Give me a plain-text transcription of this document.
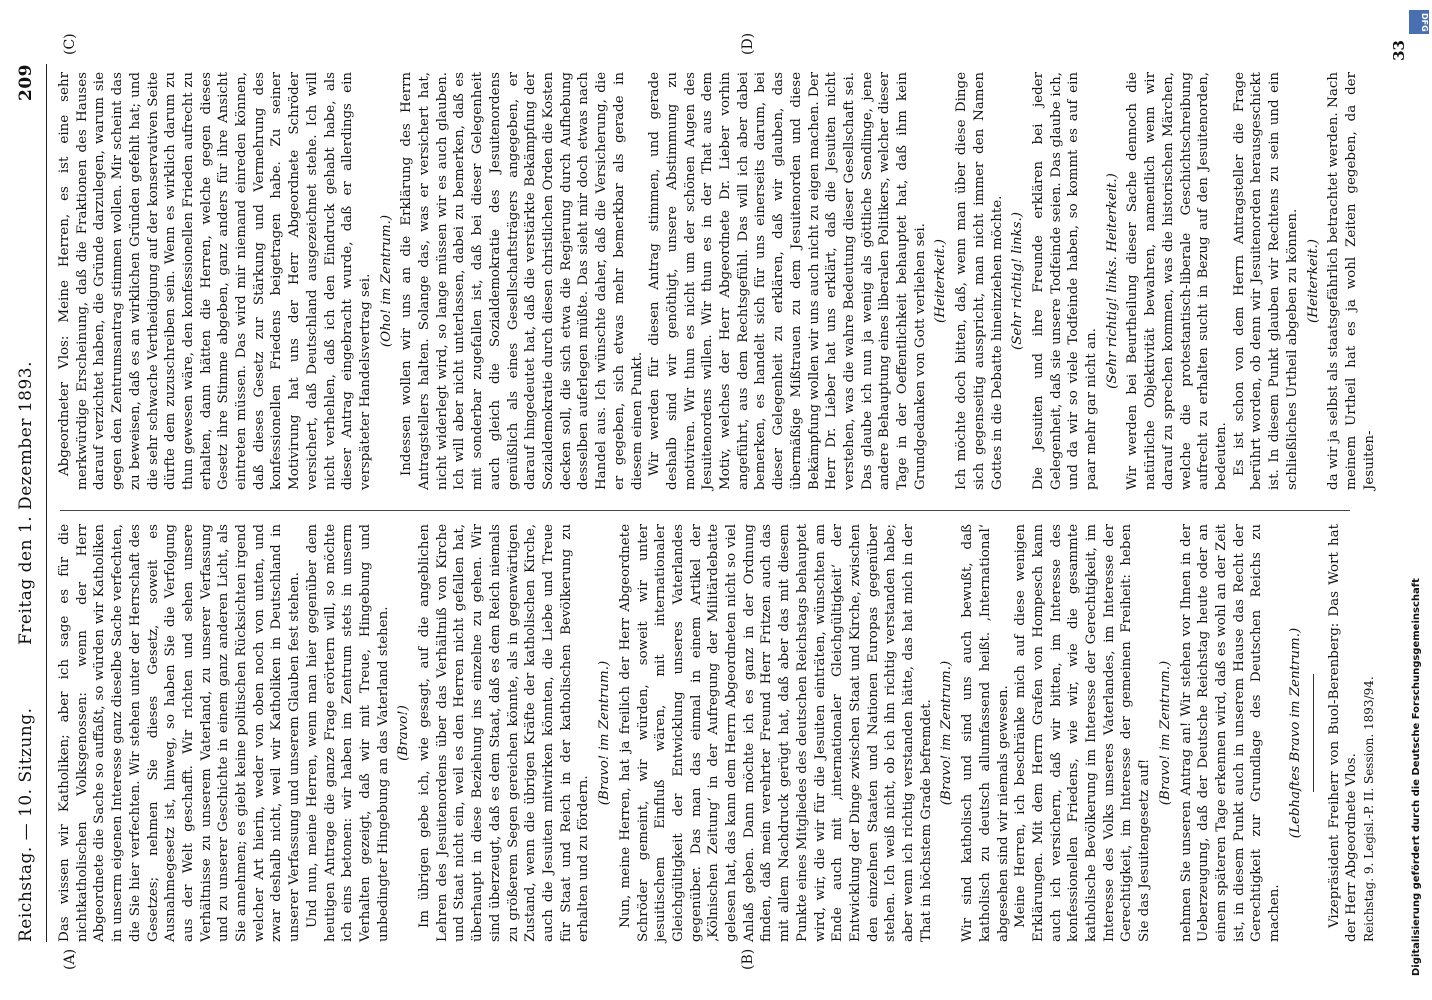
Reichstag. — 10. Sitzung.
Freitag den 1. Dezember 1893.
209
(A)	(B)
(C)	(D)

Das wissen wir Katholiken; aber ich sage es für die nichtkatholischen Volksgenossen: wenn der Herr Abgeordnete die Sache so auffaßt, so würden wir Katholiken in unserm eigenen Interesse ganz dieselbe Sache verfechten, die Sie hier verfechten. Wir stehen unter der Herrschaft des Gesetzes; nehmen Sie dieses Gesetz, soweit es Ausnahmegesetz ist, hinweg, so haben Sie die Verfolgung aus der Welt geschafft. Wir richten und sehen unsere Verhältnisse zu unserem Vaterland, zu unserer Verfassung und zu unserer Geschichte in einem ganz anderen Licht, als Sie annehmen; es giebt keine politischen Rücksichten irgend welcher Art hierin, weder von oben noch von unten, und zwar deshalb nicht, weil wir Katholiken in Deutschland in unserer Verfassung und unserem Glauben fest stehen. Und nun, meine Herren, wenn man hier gegenüber dem heutigen Antrage die ganze Frage erörtern will, so möchte ich eins betonen: wir haben im Zentrum stets in unserm Verhalten gezeigt, daß wir mit Treue, Hingebung und unbedingter Hingebung an das Vaterland stehen. (Bravo!) Im übrigen gebe ich, wie gesagt, auf die angeblichen Lehren des Jesuitenordens über das Verhältniß von Kirche und Staat nicht ein, weil es den Herren nicht gefallen hat, überhaupt in diese Beziehung ins einzelne zu gehen. Wir sind überzeugt, daß es dem Staat, daß es dem Reich niemals zu größerem Segen gereichen könnte, als in gegenwärtigen Zustand, wenn die übrigen Kräfte der katholischen Kirche, auch die Jesuiten mitwirken könnten, die Liebe und Treue für Staat und Reich in der katholischen Bevölkerung zu erhalten und zu fördern.

(Bravo! im Zentrum.) Nun, meine Herren, hat ja freilich der Herr Abgeordnete Schröder gemeint, wir würden, soweit wir unter jesuitischem Einfluß wären, mit internationaler Gleichgültigkeit der Entwicklung unseres Vaterlandes gegenüber. Das man das einmal in einem Artikel der ‚Kölnischen Zeitung‘ in der Aufregung der Militärdebatte gelesen hat, das kann dem Herrn Abgeordneten nicht so viel Anlaß geben. Dann möchte ich es ganz in der Ordnung finden, daß mein verehrter Freund Herr Fritzen auch das mit allem Nachdruck gerügt hat, daß aber das mit diesem Punkte eines Mitgliedes des deutschen Reichstags behauptet wird, wir, die wir für die Jesuiten einträten, wünschten am Ende auch mit ‚internationaler Gleichgültigkeit‘ der Entwicklung der Dinge zwischen Staat und Kirche, zwischen den einzelnen Staaten und Nationen Europas gegenüber stehen. Ich weiß nicht, ob ich ihn richtig verstanden habe; aber wenn ich richtig verstanden hätte, das hat mich in der That in höchstem Grade befremdet. (Bravo! im Zentrum.) Wir sind katholisch und sind uns auch bewußt, daß katholisch zu deutsch allumfassend heißt. ‚International‘ abgesehen sind wir niemals gewesen. Meine Herren, ich beschränke mich auf diese wenigen Erklärungen. Mit dem Herrn Grafen von Hompesch kann auch ich versichern, daß wir bitten, im Interesse des konfessionellen Friedens, wie wir, wie die gesammte katholische Bevölkerung im Interesse der Gerechtigkeit, im Interesse des Volks unseres Vaterlandes, im Interesse der Gerechtigkeit, im Interesse der gemeinen Freiheit: heben Sie das Jesuitengesetz auf!

(Bravo! im Zentrum.) nehmen Sie unseren Antrag an! Wir stehen vor Ihnen in der Ueberzeugung, daß der Deutsche Reichstag heute oder an einem späteren Tage erkennen wird, daß es wohl an der Zeit ist, in diesem Punkt auch in unserem Hause das Recht der Gerechtigkeit zur Grundlage des Deutschen Reichs zu machen.

(Lebhaftes Bravo im Zentrum.) Vizepräsident Freiherr von Buol-Berenberg: Das Wort hat der Herr Abgeordnete Vlos. Reichstag. 9. Legisl.-P. II. Session. 1893/94.

Abgeordneter Vlos: Meine Herren, es ist eine sehr merkwürdige Erscheinung, daß die Fraktionen des Hauses darauf verzichtet haben, die Gründe darzulegen, warum sie gegen den Zentrumsantrag stimmen wollen. Mir scheint das zu beweisen, daß es an wirklichen Gründen gefehlt hat; und die sehr schwache Vertheidigung auf der konservativen Seite dürfte dem zuzuschreiben sein. Wenn es wirklich darum zu thun gewesen wäre, den konfessionellen Frieden aufrecht zu erhalten, dann hätten die Herren, welche gegen dieses Gesetz ihre Stimme abgeben, ganz anders für ihre Ansicht eintreten müssen. Das wird mir niemand einreden können, daß dieses Gesetz zur Stärkung und Vermehrung des konfessionellen Friedens beigetragen habe. Zu seiner Motivirung hat uns der Herr Abgeordnete Schröder versichert, daß Deutschland ausgezeichnet stehe. Ich will nicht verhehlen, daß ich den Eindruck gehabt habe, als dieser Antrag eingebracht wurde, daß er allerdings ein verspäteter Handelsvertrag sei. (Oho! im Zentrum.) Indessen wollen wir uns an die Erklärung des Herrn Antragstellers halten. Solange das, was er versichert hat, nicht widerlegt wird, so lange müssen wir es auch glauben. Ich will aber nicht unterlassen, dabei zu bemerken, daß es mit sonderbar zugefallen ist, daß bei dieser Gelegenheit auch gleich die Sozialdemokratie des Jesuitenordens genüßlich als eines Gesellschaftsträgers angegeben, er darauf hingedeutet hat, daß die verstärkte Bekämpfung der Sozialdemokratie durch diesen christlichen Orden die Kosten decken soll, die sich etwa die Regierung durch Aufhebung desselben auferlegen müßte. Das sieht mir doch etwas nach Handel aus. Ich wünschte daher, daß die Versicherung, die er gegeben, sich etwas mehr bemerkbar als gerade in diesem einen Punkt. Wir werden für diesen Antrag stimmen, und gerade deshalb sind wir genöthigt, unsere Abstimmung zu motiviren. Wir thun es nicht um der schönen Augen des Jesuitenordens willen. Wir thun es in der That aus dem Motiv, welches der Herr Abgeordnete Dr. Lieber vorhin angeführt, aus dem Rechtsgefühl. Das will ich aber dabei bemerken, es handelt sich für uns einerseits darum, bei dieser Gelegenheit zu erklären, daß wir glauben, das übermäßige Mißtrauen zu dem Jesuitenorden und diese Bekämpfung wollen wir uns auch nicht zu eigen machen. Der Herr Dr. Lieber hat uns erklärt, daß die Jesuiten nicht verstehen, was die wahre Bedeutung dieser Gesellschaft sei. Das glaube ich nun ja wenig als göttliche Sendlinge, jene andere Behauptung eines liberalen Politikers, welcher dieser Tage in der Oeffentlichkeit behauptet hat, daß ihm kein Grundgedanken von Gott verliehen sei. (Heiterkeit.) Ich möchte doch bitten, daß, wenn man über diese Dinge sich gegenseitig ausspricht, man nicht immer den Namen Gottes in die Debatte hineinziehen möchte. (Sehr richtig! links.) Die Jesuiten und ihre Freunde erklären bei jeder Gelegenheit, daß sie unsere Todfeinde seien. Das glaube ich, und da wir so viele Todfeinde haben, so kommt es auf ein paar mehr gar nicht an.

(Sehr richtig! links. Heiterkeit.) Wir werden bei Beurtheilung dieser Sache dennoch die natürliche Objektivität bewahren, namentlich wenn wir darauf zu sprechen kommen, was die historischen Märchen, welche die protestantisch-liberale Geschichtschreibung aufrecht zu erhalten sucht in Bezug auf den Jesuitenorden, bedeuten. Es ist schon von dem Herrn Antragsteller die Frage berührt worden, ob denn wir Jesuitenorden herausgeschickt ist. In diesem Punkt glauben wir Rechtens zu sein und ein schließliches Urtheil abgeben zu können. (Heiterkeit.) da wir ja selbst als staatsgefährlich betrachtet werden. Nach meinem Urtheil hat es ja wohl Zeiten gegeben, da der Jesuiten-

33
DFG
Digitalisierung gefördert durch die Deutsche Forschungsgemeinschaft
